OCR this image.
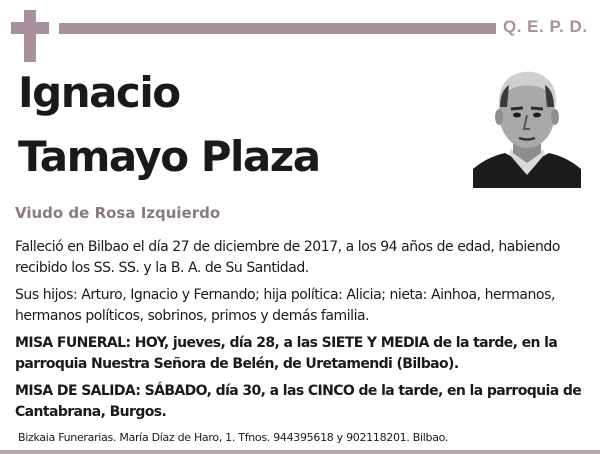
Q. E. P. D.
Ignacio
Tamayo Plaza
Viudo de Rosa Izquierdo
Falleció en Bilbao el día 27 de diciembre de 2017, a los 94 años de edad, habiendo recibido los SS. SS. y la B. A. de Su Santidad.
Sus hijos: Arturo, Ignacio y Fernando; hija política: Alicia; nieta: Ainhoa, hermanos, hermanos políticos, sobrinos, primos y demás familia.
MISA FUNERAL: HOY, jueves, día 28, a las SIETE Y MEDIA de la tarde, en la parroquia Nuestra Señora de Belén, de Uretamendi (Bilbao).
MISA DE SALIDA: SÁBADO, día 30, a las CINCO de la tarde, en la parroquia de Cantabrana, Burgos.
Bizkaia Funerarias. María Díaz de Haro, 1. Tfnos. 944395618 y 902118201. Bilbao.
